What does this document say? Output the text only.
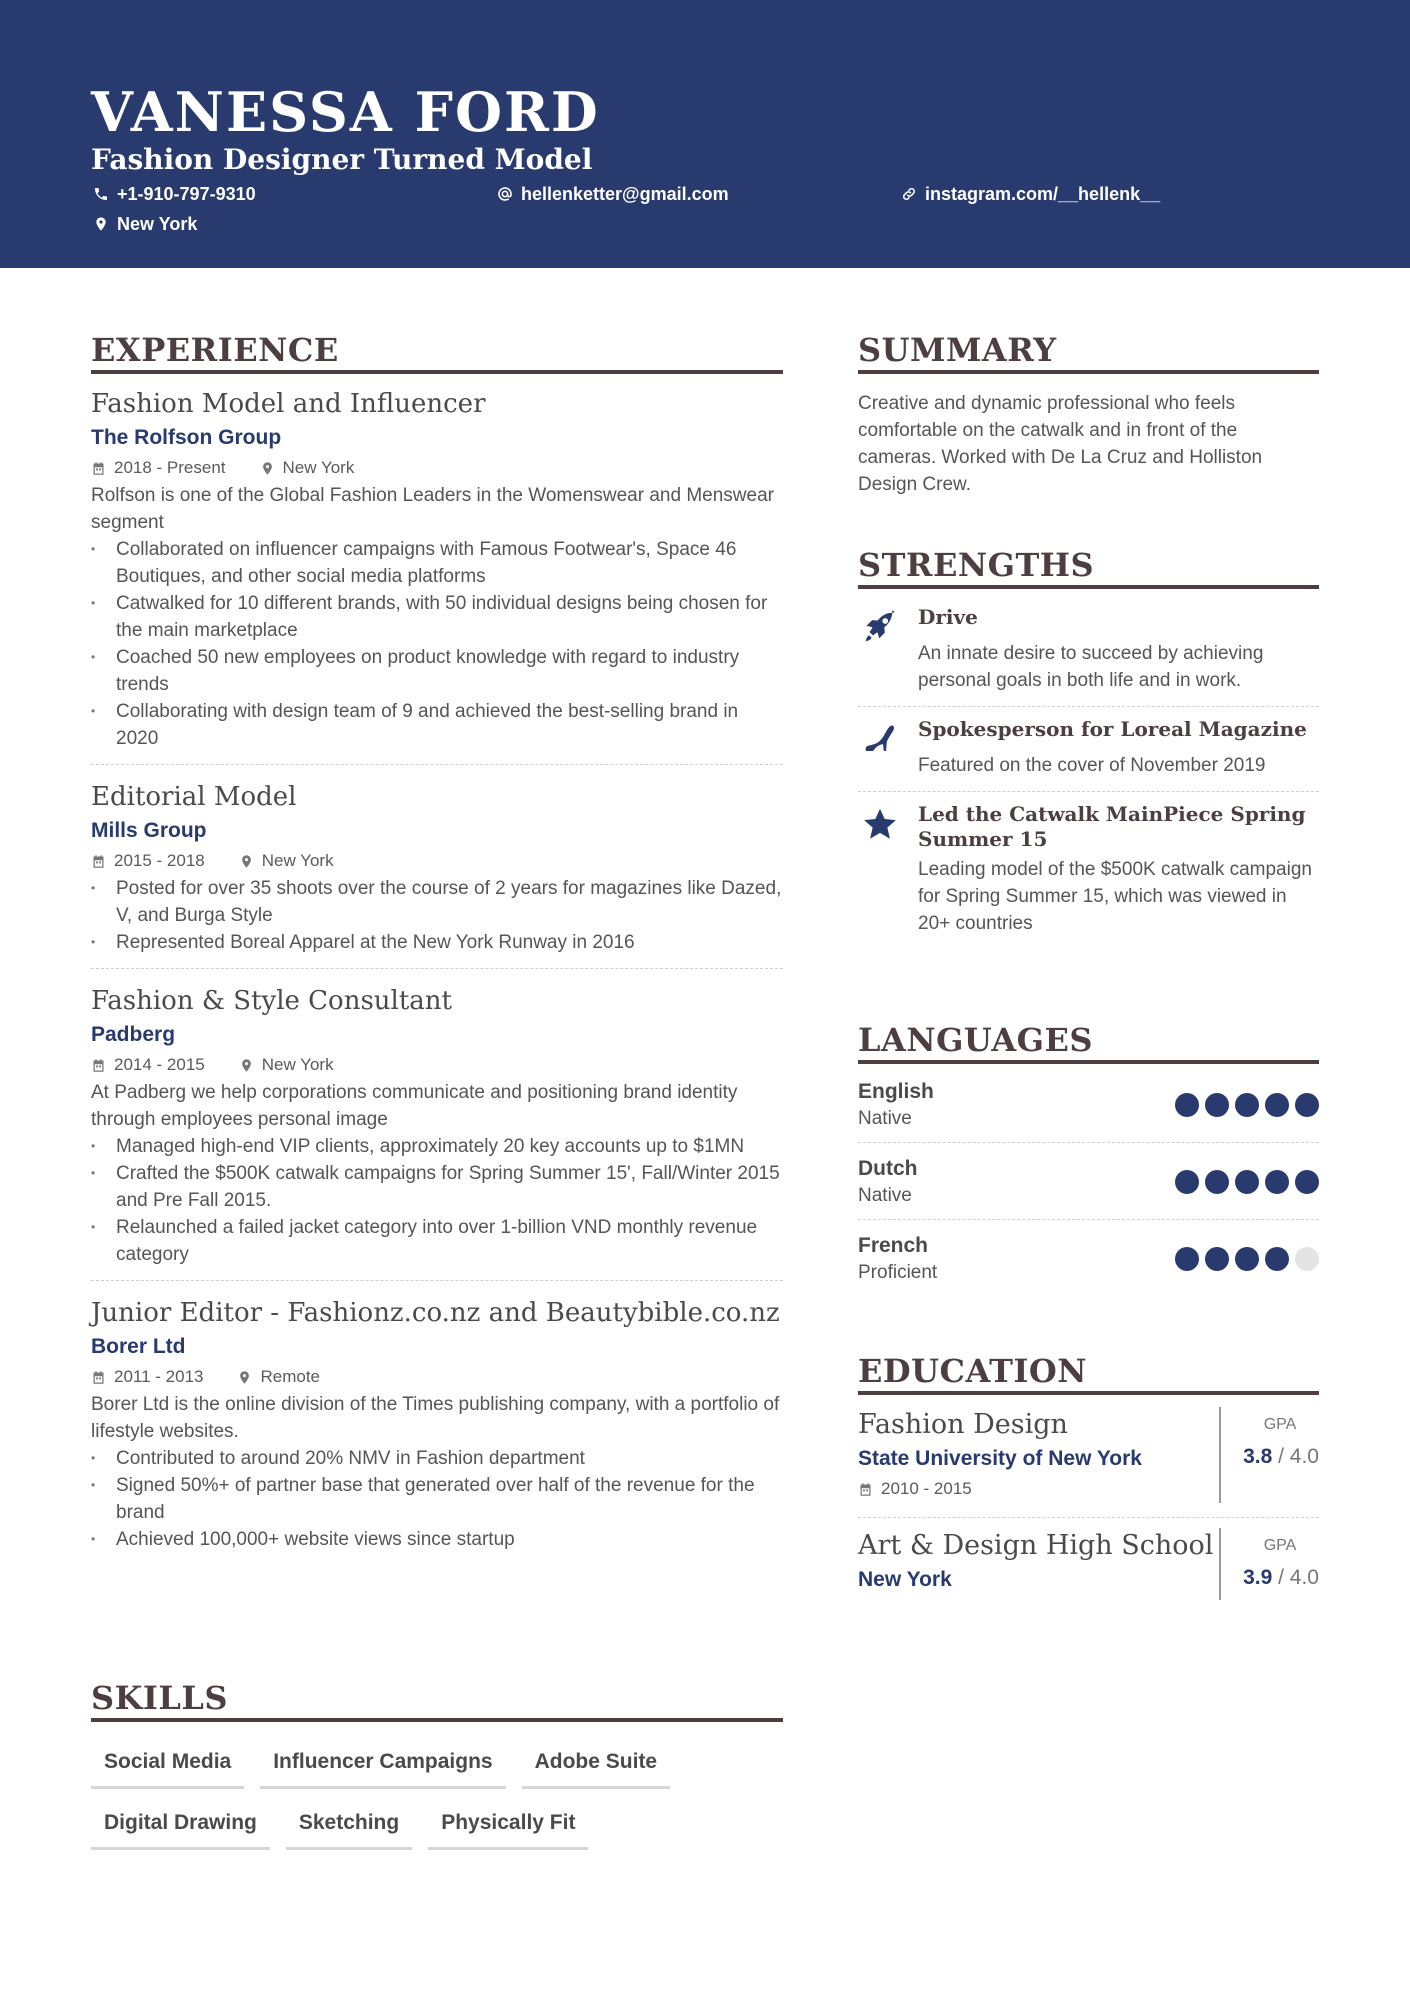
VANESSA FORD
Fashion Designer Turned Model
+1-910-797-9310	hellenketter@gmail.com	instagram.com/__hellenk__
New York
EXPERIENCE
Fashion Model and Influencer
The Rolfson Group
2018 - Present	New York
Rolfson is one of the Global Fashion Leaders in the Womenswear and Menswear segment
• Collaborated on influencer campaigns with Famous Footwear's, Space 46 Boutiques, and other social media platforms
• Catwalked for 10 different brands, with 50 individual designs being chosen for the main marketplace
• Coached 50 new employees on product knowledge with regard to industry trends
• Collaborating with design team of 9 and achieved the best-selling brand in 2020
Editorial Model
Mills Group
2015 - 2018	New York
• Posted for over 35 shoots over the course of 2 years for magazines like Dazed, V, and Burga Style
• Represented Boreal Apparel at the New York Runway in 2016
Fashion & Style Consultant
Padberg
2014 - 2015	New York
At Padberg we help corporations communicate and positioning brand identity through employees personal image
• Managed high-end VIP clients, approximately 20 key accounts up to $1MN
• Crafted the $500K catwalk campaigns for Spring Summer 15', Fall/Winter 2015 and Pre Fall 2015.
• Relaunched a failed jacket category into over 1-billion VND monthly revenue category
Junior Editor - Fashionz.co.nz and Beautybible.co.nz
Borer Ltd
2011 - 2013	Remote
Borer Ltd is the online division of the Times publishing company, with a portfolio of lifestyle websites.
• Contributed to around 20% NMV in Fashion department
• Signed 50%+ of partner base that generated over half of the revenue for the brand
• Achieved 100,000+ website views since startup
SKILLS
Social Media	Influencer Campaigns	Adobe Suite
Digital Drawing	Sketching	Physically Fit
SUMMARY
Creative and dynamic professional who feels comfortable on the catwalk and in front of the cameras. Worked with De La Cruz and Holliston Design Crew.
STRENGTHS
Drive
An innate desire to succeed by achieving personal goals in both life and in work.
Spokesperson for Loreal Magazine
Featured on the cover of November 2019
Led the Catwalk MainPiece Spring Summer 15
Leading model of the $500K catwalk campaign for Spring Summer 15, which was viewed in 20+ countries
LANGUAGES
English
Native
Dutch
Native
French
Proficient
EDUCATION
Fashion Design
State University of New York
2010 - 2015
GPA
3.8 / 4.0
Art & Design High School
New York
GPA
3.9 / 4.0
